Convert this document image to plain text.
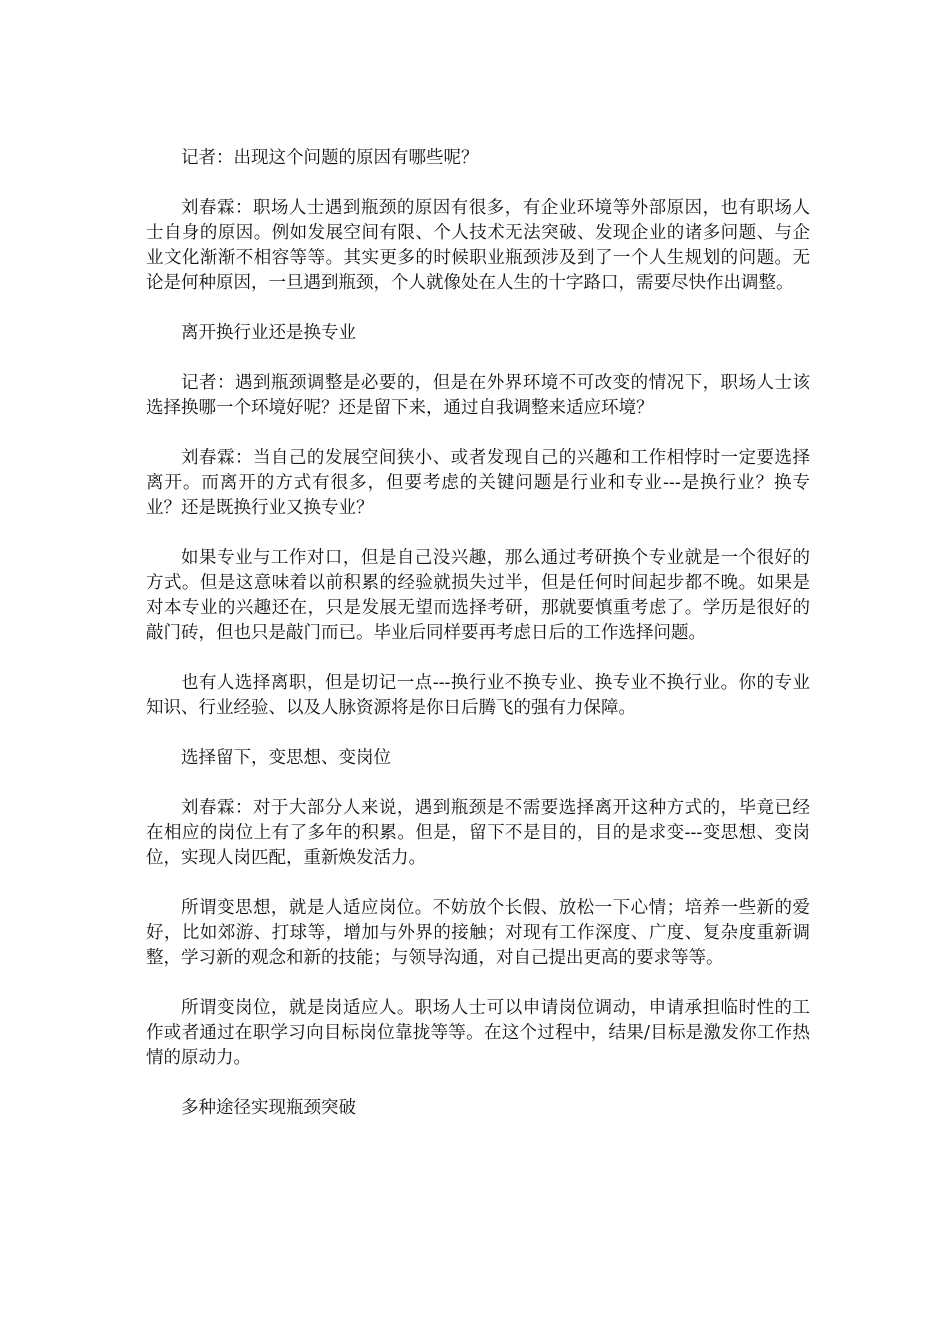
记者：出现这个问题的原因有哪些呢？

刘春霖：职场人士遇到瓶颈的原因有很多，有企业环境等外部原因，也有职场人士自身的原因。例如发展空间有限、个人技术无法突破、发现企业的诸多问题、与企业文化渐渐不相容等等。其实更多的时候职业瓶颈涉及到了一个人生规划的问题。无论是何种原因，一旦遇到瓶颈，个人就像处在人生的十字路口，需要尽快作出调整。

离开换行业还是换专业

记者：遇到瓶颈调整是必要的，但是在外界环境不可改变的情况下，职场人士该选择换哪一个环境好呢？还是留下来，通过自我调整来适应环境？

刘春霖：当自己的发展空间狭小、或者发现自己的兴趣和工作相悖时一定要选择离开。而离开的方式有很多，但要考虑的关键问题是行业和专业---是换行业？换专业？还是既换行业又换专业？

如果专业与工作对口，但是自己没兴趣，那么通过考研换个专业就是一个很好的方式。但是这意味着以前积累的经验就损失过半，但是任何时间起步都不晚。如果是对本专业的兴趣还在，只是发展无望而选择考研，那就要慎重考虑了。学历是很好的敲门砖，但也只是敲门而已。毕业后同样要再考虑日后的工作选择问题。

也有人选择离职，但是切记一点---换行业不换专业、换专业不换行业。你的专业知识、行业经验、以及人脉资源将是你日后腾飞的强有力保障。

选择留下，变思想、变岗位

刘春霖：对于大部分人来说，遇到瓶颈是不需要选择离开这种方式的，毕竟已经在相应的岗位上有了多年的积累。但是，留下不是目的，目的是求变---变思想、变岗位，实现人岗匹配，重新焕发活力。

所谓变思想，就是人适应岗位。不妨放个长假、放松一下心情；培养一些新的爱好，比如郊游、打球等，增加与外界的接触；对现有工作深度、广度、复杂度重新调整，学习新的观念和新的技能；与领导沟通，对自己提出更高的要求等等。

所谓变岗位，就是岗适应人。职场人士可以申请岗位调动，申请承担临时性的工作或者通过在职学习向目标岗位靠拢等等。在这个过程中，结果/目标是激发你工作热情的原动力。

多种途径实现瓶颈突破
